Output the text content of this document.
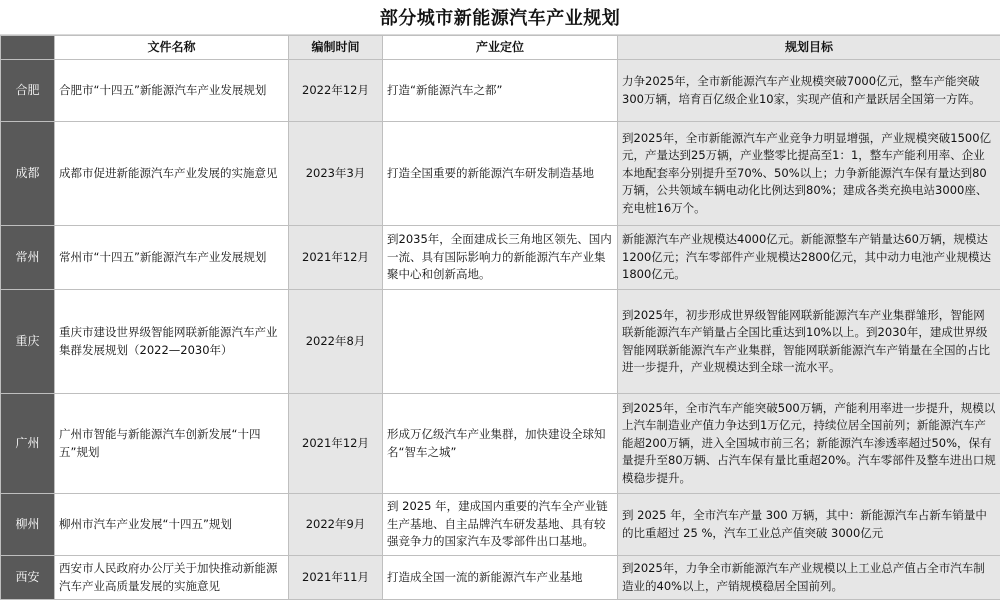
部分城市新能源汽车产业规划
	文件名称	编制时间	产业定位	规划目标
合肥	合肥市“十四五”新能源汽车产业发展规划	2022年12月	打造“新能源汽车之都”	力争2025年，全市新能源汽车产业规模突破7000亿元，整车产能突破300万辆，培育百亿级企业10家，实现产值和产量跃居全国第一方阵。
成都	成都市促进新能源汽车产业发展的实施意见	2023年3月	打造全国重要的新能源汽车研发制造基地	到2025年，全市新能源汽车产业竞争力明显增强，产业规模突破1500亿元，产量达到25万辆，产业整零比提高至1：1，整车产能利用率、企业本地配套率分别提升至70%、50%以上；力争新能源汽车保有量达到80万辆，公共领域车辆电动化比例达到80%；建成各类充换电站3000座、充电桩16万个。
常州	常州市“十四五”新能源汽车产业发展规划	2021年12月	到2035年，全面建成长三角地区领先、国内一流、具有国际影响力的新能源汽车产业集聚中心和创新高地。	新能源汽车产业规模达4000亿元。新能源整车产销量达60万辆，规模达1200亿元；汽车零部件产业规模达2800亿元，其中动力电池产业规模达1800亿元。
重庆	重庆市建设世界级智能网联新能源汽车产业集群发展规划（2022—2030年）	2022年8月		到2025年，初步形成世界级智能网联新能源汽车产业集群雏形，智能网联新能源汽车产销量占全国比重达到10%以上。到2030年，建成世界级智能网联新能源汽车产业集群，智能网联新能源汽车产销量在全国的占比进一步提升，产业规模达到全球一流水平。
广州	广州市智能与新能源汽车创新发展“十四五”规划	2021年12月	形成万亿级汽车产业集群，加快建设全球知名“智车之城”	到2025年，全市汽车产能突破500万辆，产能利用率进一步提升，规模以上汽车制造业产值力争达到1万亿元，持续位居全国前列；新能源汽车产能超200万辆，进入全国城市前三名；新能源汽车渗透率超过50%，保有量提升至80万辆、占汽车保有量比重超20%。汽车零部件及整车进出口规模稳步提升。
柳州	柳州市汽车产业发展“十四五”规划	2022年9月	到 2025 年，建成国内重要的汽车全产业链生产基地、自主品牌汽车研发基地、具有较强竞争力的国家汽车及零部件出口基地。	到 2025 年，全市汽车产量 300 万辆，其中：新能源汽车占新车销量中的比重超过 25 %，汽车工业总产值突破 3000亿元
西安	西安市人民政府办公厅关于加快推动新能源汽车产业高质量发展的实施意见	2021年11月	打造成全国一流的新能源汽车产业基地	到2025年，力争全市新能源汽车产业规模以上工业总产值占全市汽车制造业的40%以上，产销规模稳居全国前列。
